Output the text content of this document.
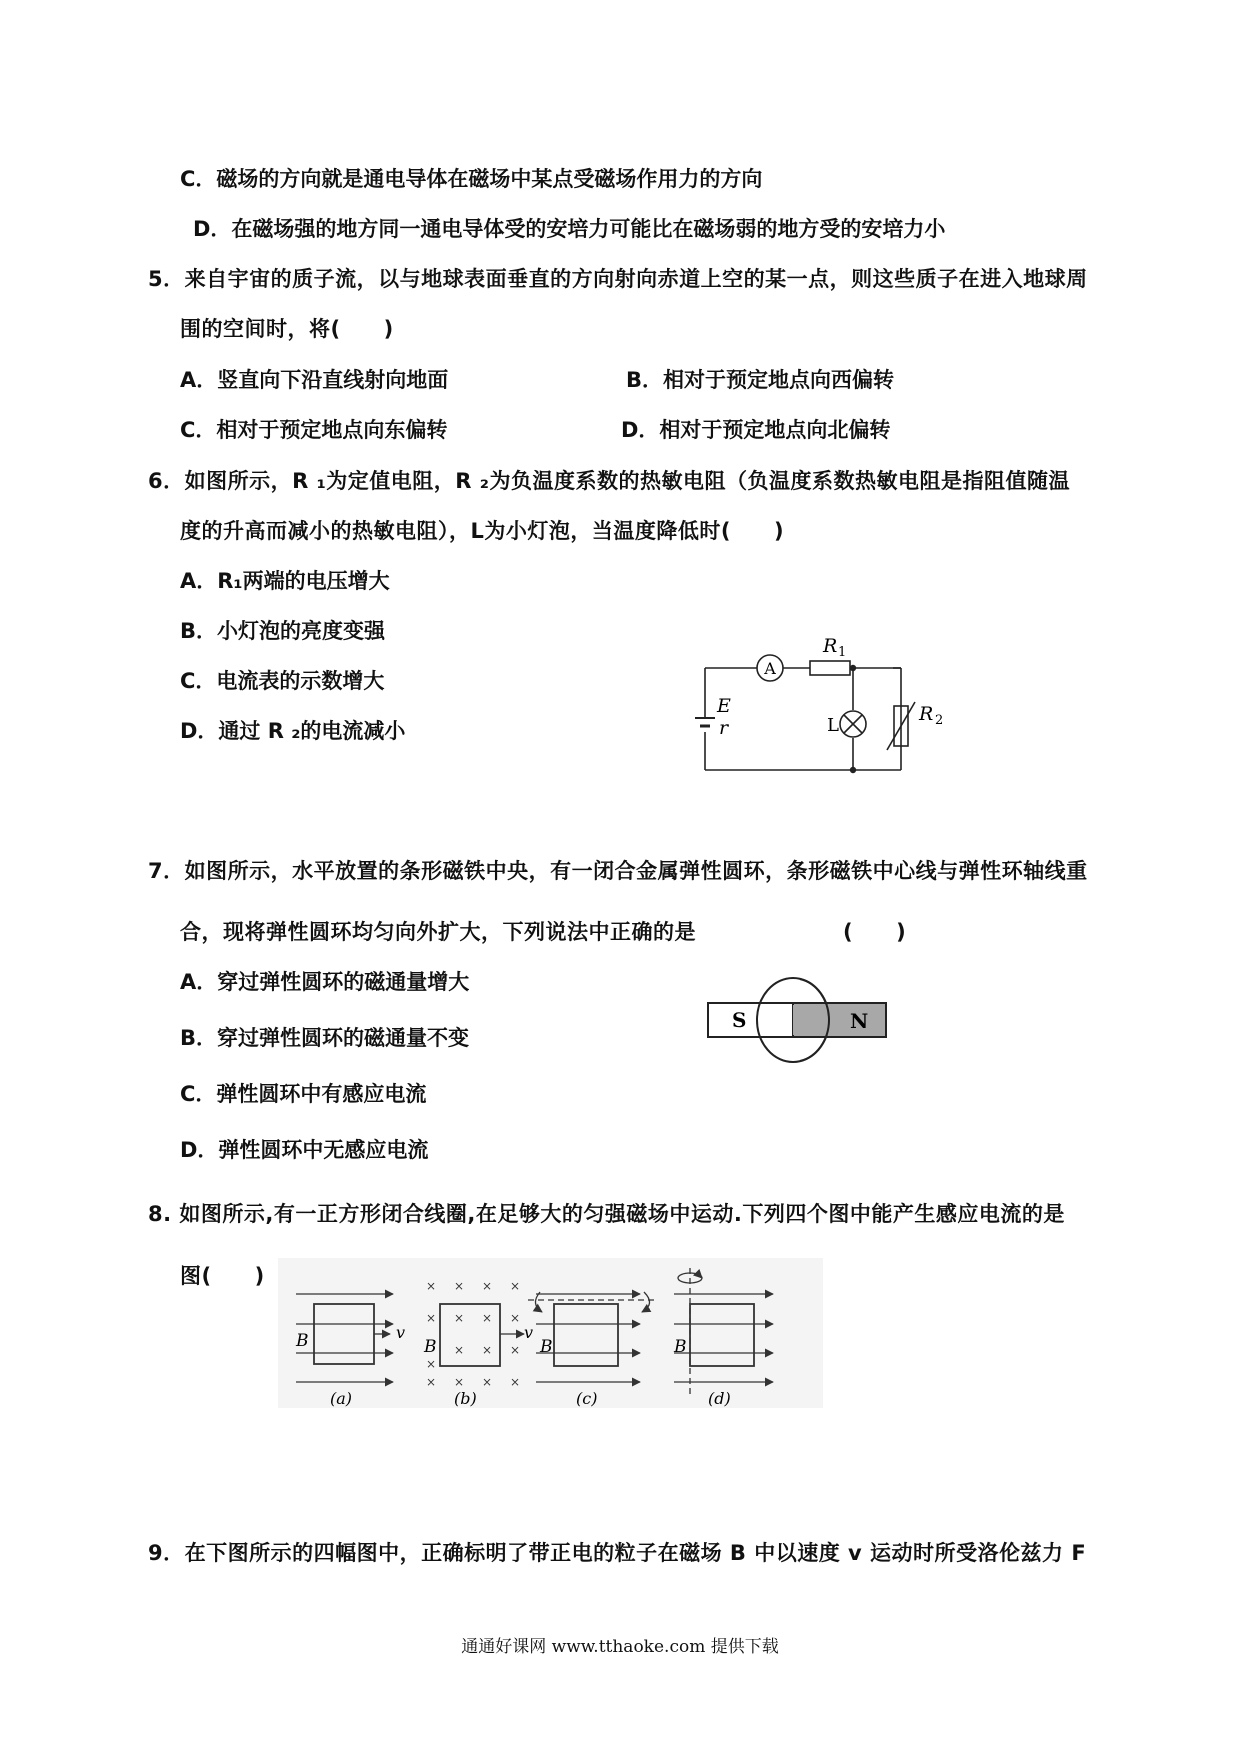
C．磁场的方向就是通电导体在磁场中某点受磁场作用力的方向
D．在磁场强的地方同一通电导体受的安培力可能比在磁场弱的地方受的安培力小
5．来自宇宙的质子流，以与地球表面垂直的方向射向赤道上空的某一点，则这些质子在进入地球周
围的空间时，将(　　)
A．竖直向下沿直线射向地面	B．相对于预定地点向西偏转
C．相对于预定地点向东偏转	D．相对于预定地点向北偏转
6．如图所示，R ₁为定值电阻，R ₂为负温度系数的热敏电阻（负温度系数热敏电阻是指阻值随温
度的升高而减小的热敏电阻），L为小灯泡，当温度降低时(　　)
A．R₁两端的电压增大
B．小灯泡的亮度变强
C．电流表的示数增大
D．通过 R ₂的电流减小
A
R 1
E
r	L
R 2
7．如图所示，水平放置的条形磁铁中央，有一闭合金属弹性圆环，条形磁铁中心线与弹性环轴线重
合，现将弹性圆环均匀向外扩大，下列说法中正确的是	(　　)
A．穿过弹性圆环的磁通量增大
B．穿过弹性圆环的磁通量不变
C．弹性圆环中有感应电流
D．弹性圆环中无感应电流
S	N
8. 如图所示,有一正方形闭合线圈,在足够大的匀强磁场中运动.下列四个图中能产生感应电流的是
图(　　)
B	v
(a)
× × × ×
× × ×
×
× × ×
×
× × × ×
B
v
(b)
B
(c)
B
(d)
9．在下图所示的四幅图中，正确标明了带正电的粒子在磁场 B 中以速度 v 运动时所受洛伦兹力 F
通通好课网 www.tthaoke.com 提供下载
